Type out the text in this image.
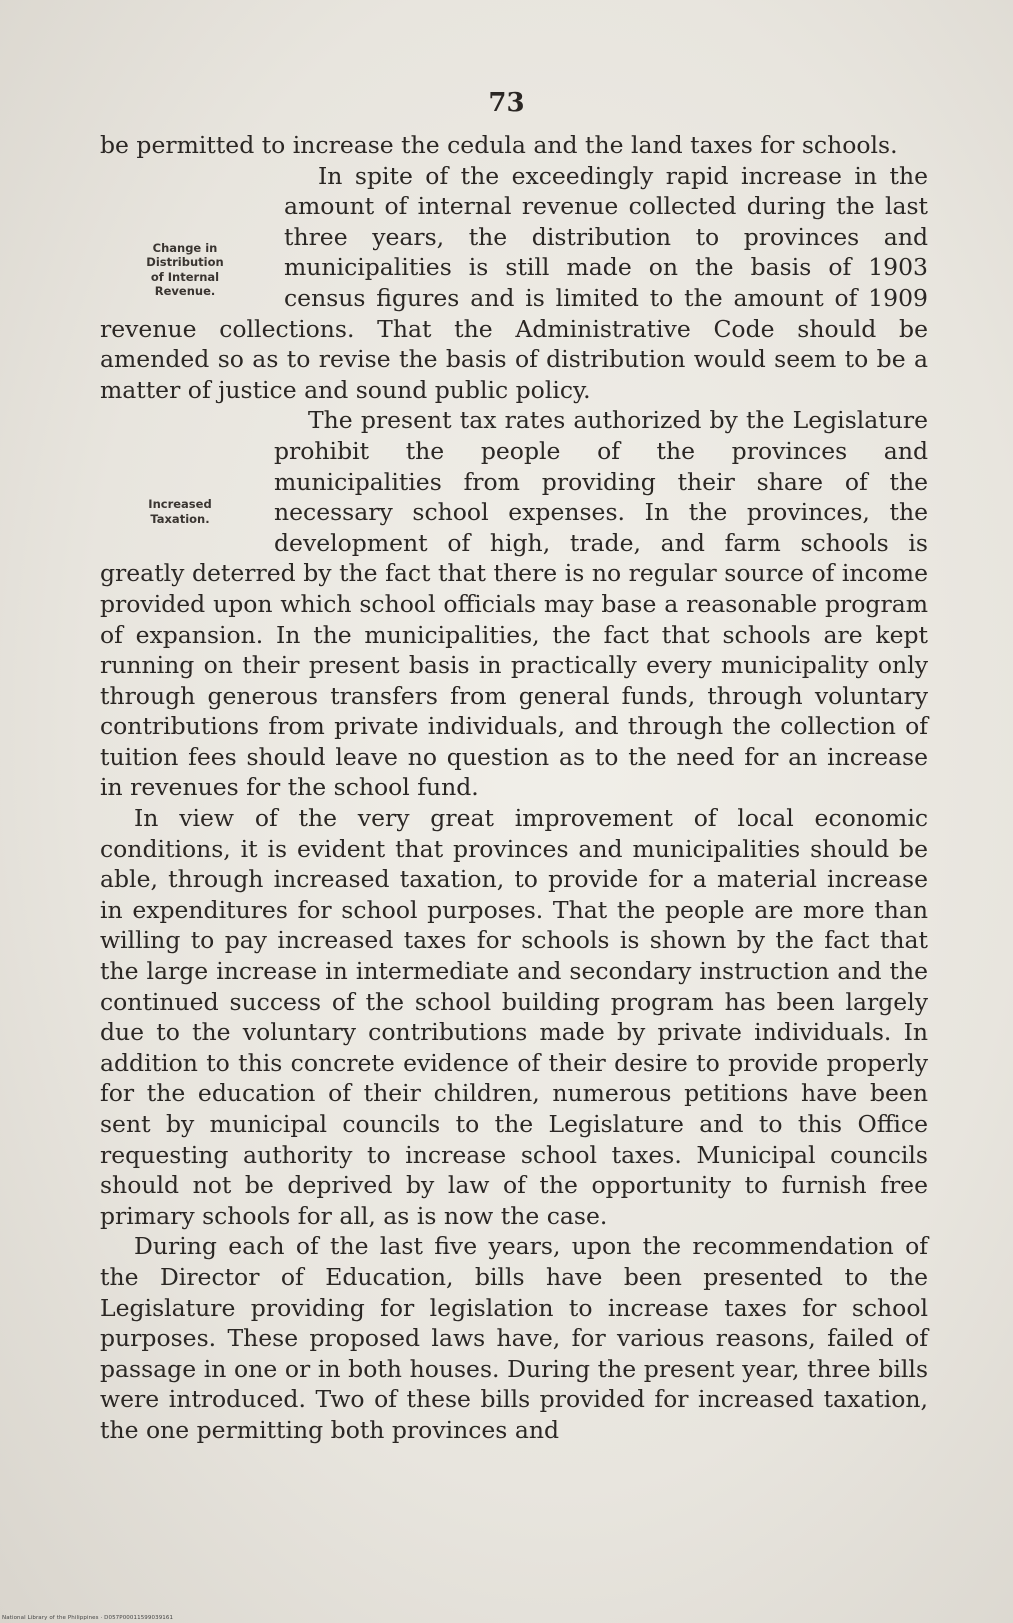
73

be permitted to increase the cedula and the land taxes for schools.

Change in
Distribution
of Internal
Revenue.

In spite of the exceedingly rapid increase in the amount of internal revenue collected during the last three years, the distribution to provinces and municipalities is still made on the basis of 1903 census figures and is limited to the amount of 1909 revenue collections. That the Administrative Code should be amended so as to revise the basis of distribution would seem to be a matter of justice and sound public policy.

Increased
Taxation.

The present tax rates authorized by the Legislature prohibit the people of the provinces and municipalities from providing their share of the necessary school expenses. In the provinces, the development of high, trade, and farm schools is greatly deterred by the fact that there is no regular source of income provided upon which school officials may base a reasonable program of expansion. In the municipalities, the fact that schools are kept running on their present basis in practically every municipality only through generous transfers from general funds, through voluntary contributions from private individuals, and through the collection of tuition fees should leave no question as to the need for an increase in revenues for the school fund.

In view of the very great improvement of local economic conditions, it is evident that provinces and municipalities should be able, through increased taxation, to provide for a material increase in expenditures for school purposes. That the people are more than willing to pay increased taxes for schools is shown by the fact that the large increase in intermediate and secondary instruction and the continued success of the school building program has been largely due to the voluntary contributions made by private individuals. In addition to this concrete evidence of their desire to provide properly for the education of their children, numerous petitions have been sent by municipal councils to the Legislature and to this Office requesting authority to increase school taxes. Municipal councils should not be deprived by law of the opportunity to furnish free primary schools for all, as is now the case.

During each of the last five years, upon the recommendation of the Director of Education, bills have been presented to the Legislature providing for legislation to increase taxes for school purposes. These proposed laws have, for various reasons, failed of passage in one or in both houses. During the present year, three bills were introduced. Two of these bills provided for increased taxation, the one permitting both provinces and

National Library of the Philippines · D057P00011599039161
